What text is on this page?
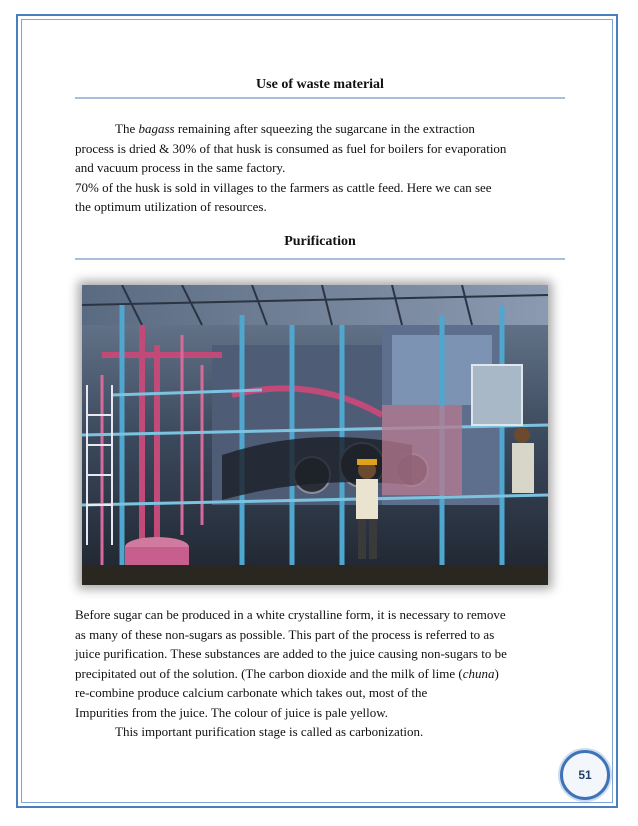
Use of waste material
The bagass remaining after squeezing the sugarcane in the extraction
process is dried & 30% of that husk is consumed as fuel for boilers for evaporation
and vacuum process in the same factory.
70% of the husk is sold in villages to the farmers as cattle feed. Here we can see
the optimum utilization of resources.
Purification
Before sugar can be produced in a white crystalline form, it is necessary to remove
as many of these non-sugars as possible. This part of the process is referred to as
juice purification. These substances are added to the juice causing non-sugars to be
precipitated out of the solution. (The carbon dioxide and the milk of lime (chuna)
re-combine produce calcium carbonate which takes out, most of the
Impurities from the juice. The colour of juice is pale yellow.
This important purification stage is called as carbonization.
51
